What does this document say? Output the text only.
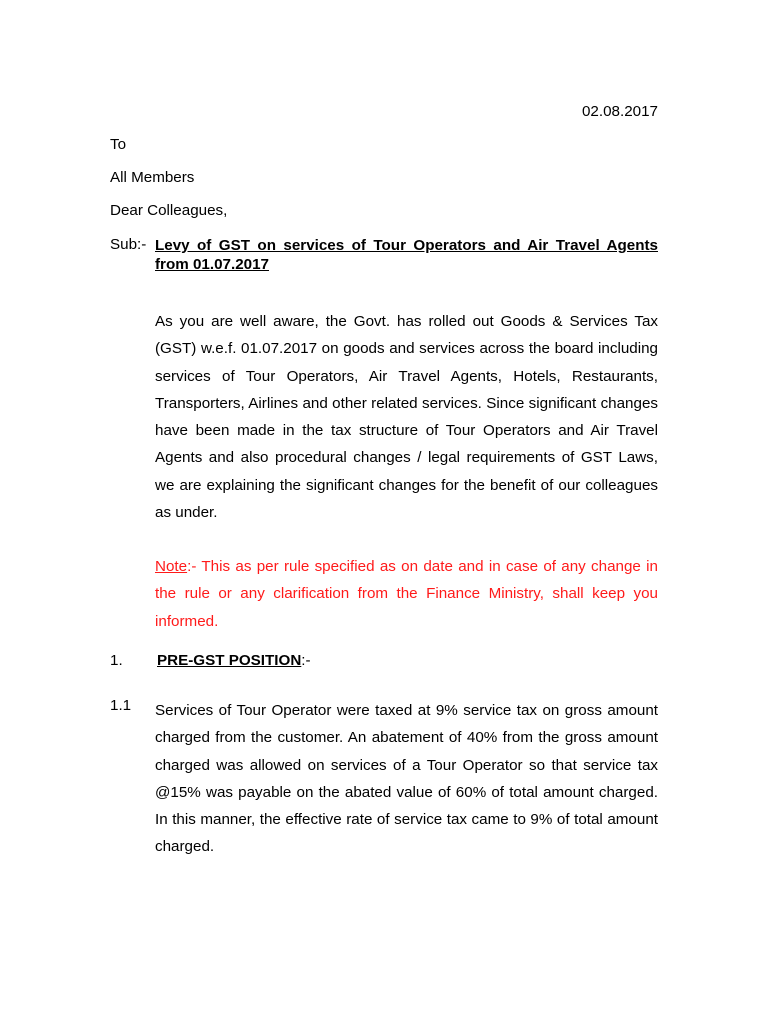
02.08.2017
To
All Members
Dear Colleagues,
Sub:- Levy of GST on services of Tour Operators and Air Travel Agents from 01.07.2017
As you are well aware, the Govt. has rolled out Goods & Services Tax (GST) w.e.f. 01.07.2017 on goods and services across the board including services of Tour Operators, Air Travel Agents, Hotels, Restaurants, Transporters, Airlines and other related services. Since significant changes have been made in the tax structure of Tour Operators and Air Travel Agents and also procedural changes / legal requirements of GST Laws, we are explaining the significant changes for the benefit of our colleagues as under.
Note:- This as per rule specified as on date and in case of any change in the rule or any clarification from the Finance Ministry, shall keep you informed.
1. PRE-GST POSITION:-
1.1 Services of Tour Operator were taxed at 9% service tax on gross amount charged from the customer. An abatement of 40% from the gross amount charged was allowed on services of a Tour Operator so that service tax @15% was payable on the abated value of 60% of total amount charged. In this manner, the effective rate of service tax came to 9% of total amount charged.
